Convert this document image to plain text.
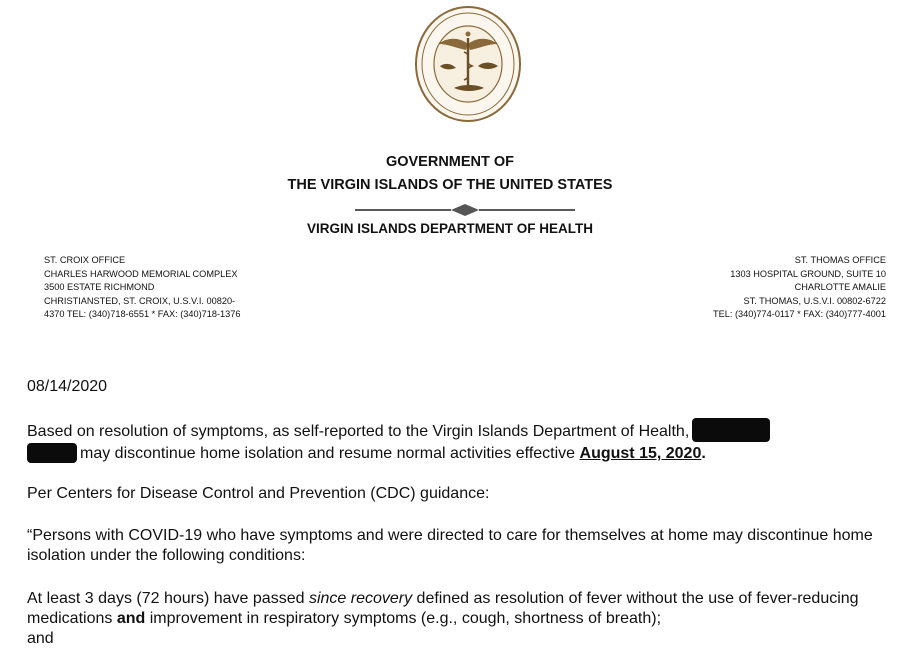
GOVERNMENT OF
THE VIRGIN ISLANDS OF THE UNITED STATES
VIRGIN ISLANDS DEPARTMENT OF HEALTH
ST. CROIX OFFICE
CHARLES HARWOOD MEMORIAL COMPLEX
3500 ESTATE RICHMOND
CHRISTIANSTED, ST. CROIX, U.S.V.I. 00820-
4370 TEL: (340)718-6551 * FAX: (340)718-1376
ST. THOMAS OFFICE
1303 HOSPITAL GROUND, SUITE 10
CHARLOTTE AMALIE
ST. THOMAS, U.S.V.I. 00802-6722
TEL: (340)774-0117 * FAX: (340)777-4001
08/14/2020
Based on resolution of symptoms, as self-reported to the Virgin Islands Department of Health,
may discontinue home isolation and resume normal activities effective August 15, 2020.
Per Centers for Disease Control and Prevention (CDC) guidance:
“Persons with COVID-19 who have symptoms and were directed to care for themselves at home may discontinue home isolation under the following conditions:
At least 3 days (72 hours) have passed since recovery defined as resolution of fever without the use of fever-reducing medications and improvement in respiratory symptoms (e.g., cough, shortness of breath);
and
